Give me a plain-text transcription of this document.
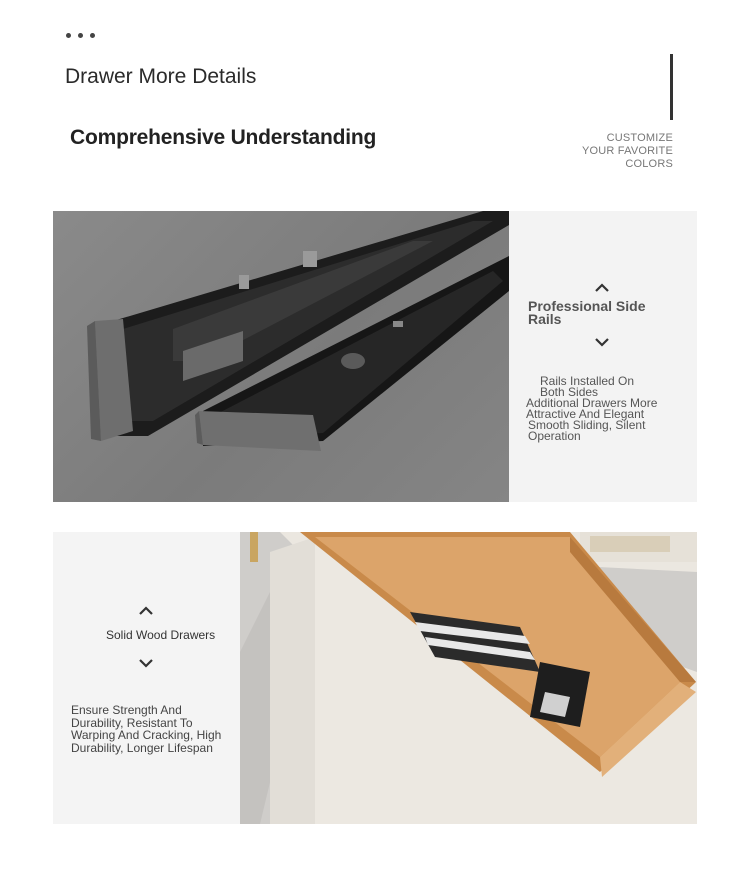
Drawer More Details
Comprehensive Understanding	CUSTOMIZE
YOUR FAVORITE
COLORS
Professional Side Rails
Rails Installed On
Both Sides
Additional Drawers More
Attractive And Elegant
Smooth Sliding, Silent
Operation
Solid Wood Drawers
Ensure Strength And Durability, Resistant To Warping And Cracking, High Durability, Longer Lifespan
